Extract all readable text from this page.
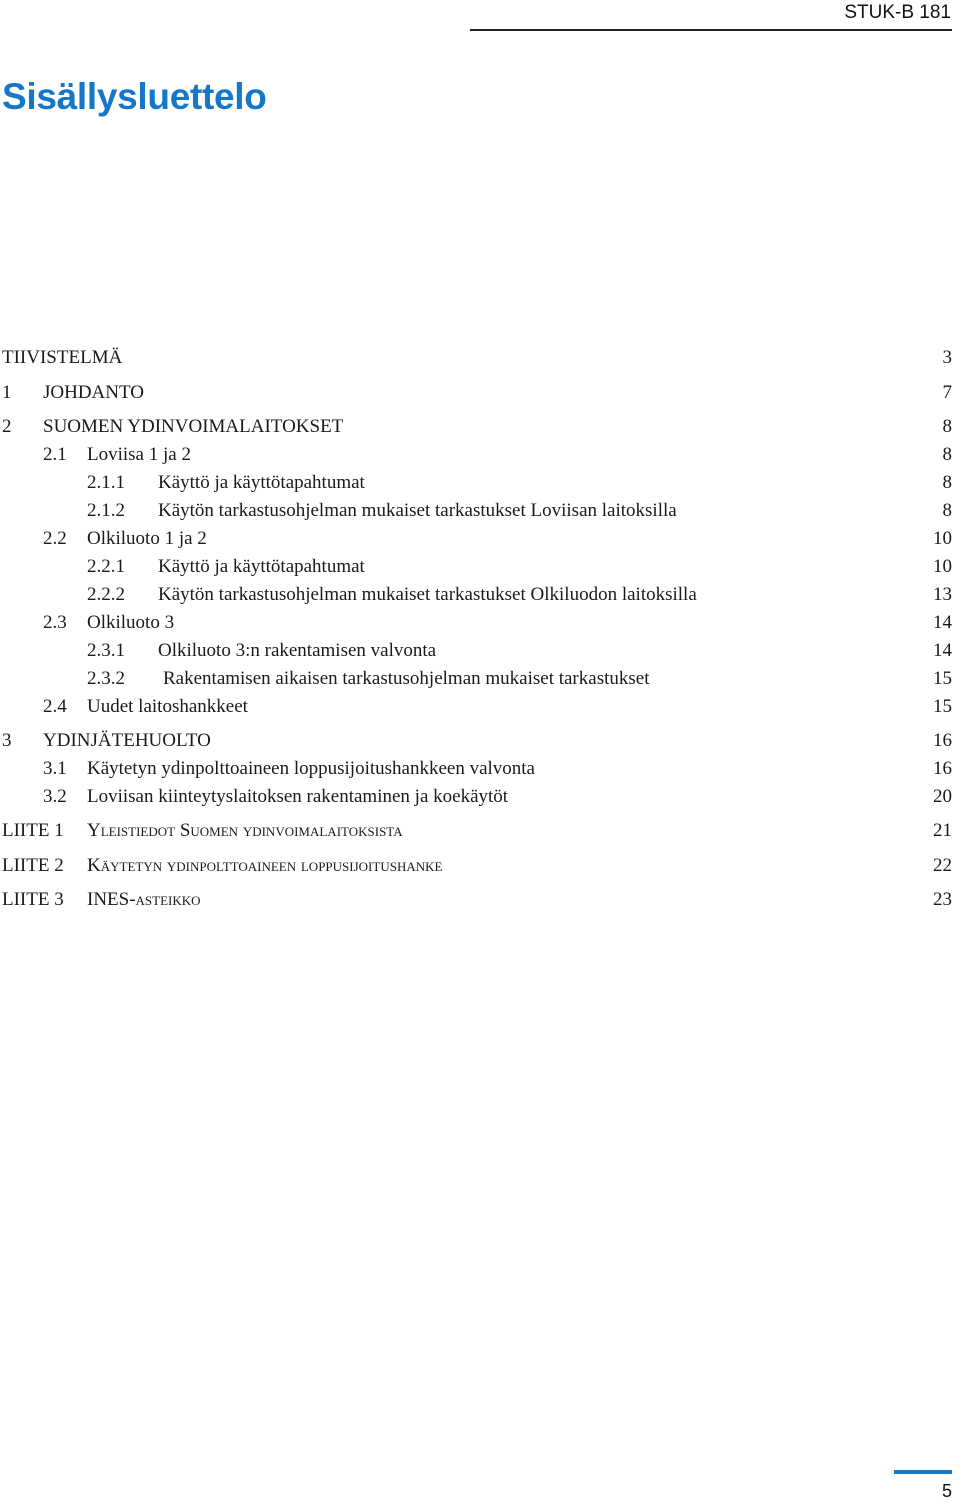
STUK-B 181
Sisällysluettelo
TIIVISTELMÄ	3
1 JOHDANTO	7
2 SUOMEN YDINVOIMALAITOKSET	8
2.1 Loviisa 1 ja 2	8
2.1.1 Käyttö ja käyttötapahtumat	8
2.1.2 Käytön tarkastusohjelman mukaiset tarkastukset Loviisan laitoksilla	8
2.2 Olkiluoto 1 ja 2	10
2.2.1 Käyttö ja käyttötapahtumat	10
2.2.2 Käytön tarkastusohjelman mukaiset tarkastukset Olkiluodon laitoksilla	13
2.3 Olkiluoto 3	14
2.3.1 Olkiluoto 3:n rakentamisen valvonta	14
2.3.2 Rakentamisen aikaisen tarkastusohjelman mukaiset tarkastukset	15
2.4 Uudet laitoshankkeet	15
3 YDINJÄTEHUOLTO	16
3.1 Käytetyn ydinpolttoaineen loppusijoitushankkeen valvonta	16
3.2 Loviisan kiinteytyslaitoksen rakentaminen ja koekäytöt	20
LIITE 1 Yleistiedot Suomen ydinvoimalaitoksista	21
LIITE 2 Käytetyn ydinpolttoaineen loppusijoitushanke	22
LIITE 3 INES-asteikko	23
5
